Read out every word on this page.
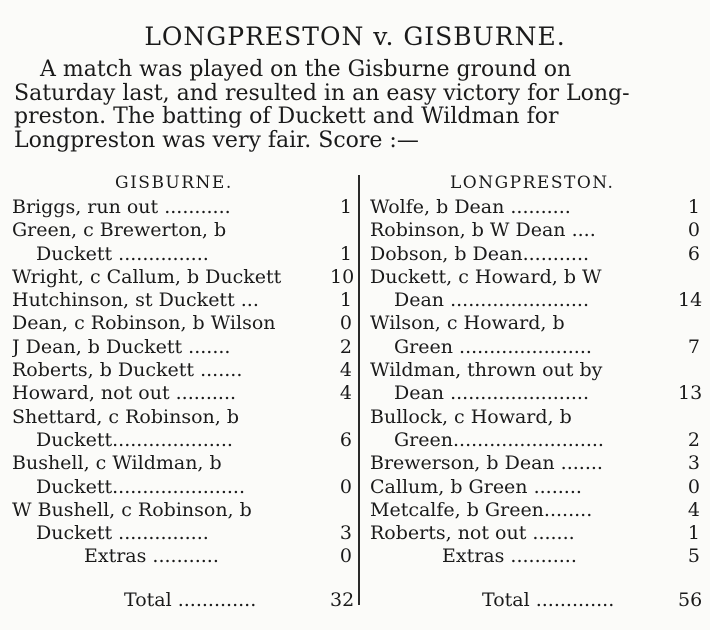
LONGPRESTON v. GISBURNE.

A match was played on the Gisburne ground on
Saturday last, and resulted in an easy victory for Long-
preston. The batting of Duckett and Wildman for
Longpreston was very fair. Score :—

GISBURNE.	LONGPRESTON.
Briggs, run out ...........	1
Green, c Brewerton, b
Duckett ...............	1
Wright, c Callum, b Duckett	10
Hutchinson, st Duckett ...	1
Dean, c Robinson, b Wilson	0
J Dean, b Duckett .......	2
Roberts, b Duckett .......	4
Howard, not out ..........	4
Shettard, c Robinson, b
Duckett....................	6
Bushell, c Wildman, b
Duckett......................	0
W Bushell, c Robinson, b
Duckett ...............	3
Extras ...........	0
Total .............	32
Wolfe, b Dean ..........	1
Robinson, b W Dean ....	0
Dobson, b Dean...........	6
Duckett, c Howard, b W
Dean .......................	14
Wilson, c Howard, b
Green ......................	7
Wildman, thrown out by
Dean .......................	13
Bullock, c Howard, b
Green.........................	2
Brewerson, b Dean .......	3
Callum, b Green ........	0
Metcalfe, b Green........	4
Roberts, not out .......	1
Extras ...........	5
Total .............	56
